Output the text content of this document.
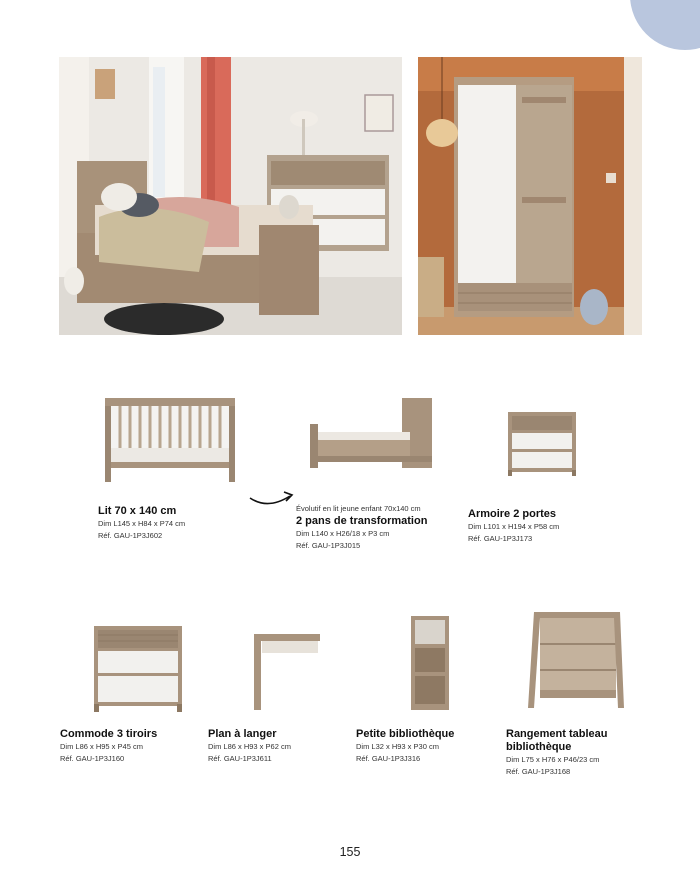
Lit 70 x 140 cm
Dim L145 x H84 x P74 cm
Réf. GAU-1P3J602
Évolutif en lit jeune enfant 70x140 cm
2 pans de transformation
Dim L140 x H26/18 x P3 cm
Réf. GAU-1P3J015
Armoire 2 portes
Dim L101 x H194 x P58 cm
Réf. GAU-1P3J173
Commode 3 tiroirs
Dim L86 x H95 x P45 cm
Réf. GAU-1P3J160
Plan à langer
Dim L86 x H93 x P62 cm
Réf. GAU-1P3J611
Petite bibliothèque
Dim L32 x H93 x P30 cm
Réf. GAU-1P3J316
Rangement tableau
bibliothèque
Dim L75 x H76 x P46/23 cm
Réf. GAU-1P3J168
155
